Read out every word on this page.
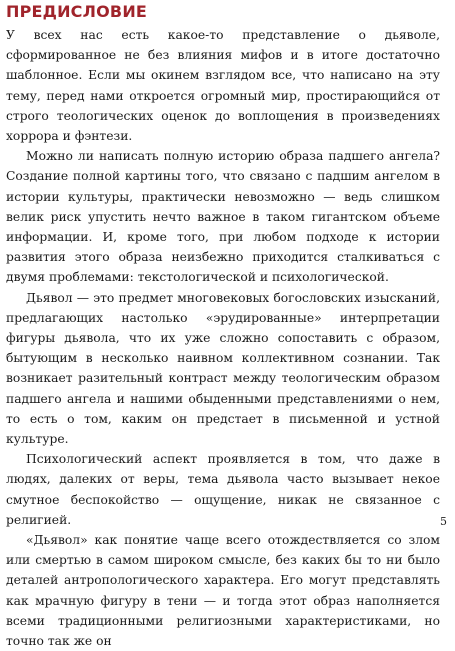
ПРЕДИСЛОВИЕ

У всех нас есть какое-то представление о дьяволе, сформированное не без влияния мифов и в итоге достаточно шаблонное. Если мы окинем взглядом все, что написано на эту тему, перед нами откроется огромный мир, простирающийся от строго теологических оценок до воплощения в произведениях хоррора и фэнтези.

Можно ли написать полную историю образа падшего ангела? Создание полной картины того, что связано с падшим ангелом в истории культуры, практически невозможно — ведь слишком велик риск упустить нечто важное в таком гигантском объеме информации. И, кроме того, при любом подходе к истории развития этого образа неизбежно приходится сталкиваться с двумя проблемами: текстологической и психологической.

Дьявол — это предмет многовековых богословских изысканий, предлагающих настолько «эрудированные» интерпретации фигуры дьявола, что их уже сложно сопоставить с образом, бытующим в несколько наивном коллективном сознании. Так возникает разительный контраст между теологическим образом падшего ангела и нашими обыденными представлениями о нем, то есть о том, каким он предстает в письменной и устной культуре.

Психологический аспект проявляется в том, что даже в людях, далеких от веры, тема дьявола часто вызывает некое смутное беспокойство — ощущение, никак не связанное с религией.

«Дьявол» как понятие чаще всего отождествляется со злом или смертью в самом широком смысле, без каких бы то ни было деталей антропологического характера. Его могут представлять как мрачную фигуру в тени — и тогда этот образ наполняется всеми традиционными религиозными характеристиками, но точно так же он

5
